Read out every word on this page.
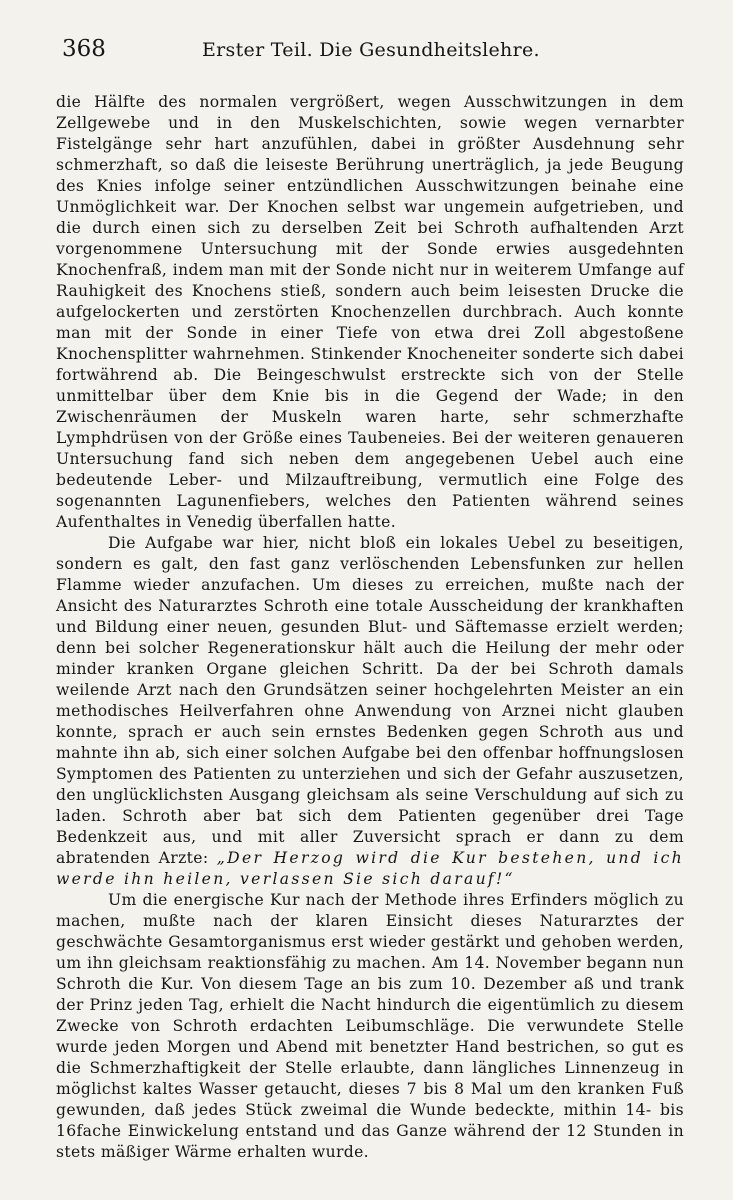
368	Erster Teil. Die Gesundheitslehre.

die Hälfte des normalen vergrößert, wegen Ausschwitzungen in dem Zellgewebe und in den Muskelschichten, sowie wegen vernarbter Fistelgänge sehr hart anzufühlen, dabei in größter Ausdehnung sehr schmerzhaft, so daß die leiseste Berührung unerträglich, ja jede Beugung des Knies infolge seiner entzündlichen Ausschwitzungen beinahe eine Unmöglichkeit war. Der Knochen selbst war ungemein aufgetrieben, und die durch einen sich zu derselben Zeit bei Schroth aufhaltenden Arzt vorgenommene Untersuchung mit der Sonde erwies ausgedehnten Knochenfraß, indem man mit der Sonde nicht nur in weiterem Umfange auf Rauhigkeit des Knochens stieß, sondern auch beim leisesten Drucke die aufgelockerten und zerstörten Knochenzellen durchbrach. Auch konnte man mit der Sonde in einer Tiefe von etwa drei Zoll abgestoßene Knochensplitter wahrnehmen. Stinkender Knocheneiter sonderte sich dabei fortwährend ab. Die Beingeschwulst erstreckte sich von der Stelle unmittelbar über dem Knie bis in die Gegend der Wade; in den Zwischenräumen der Muskeln waren harte, sehr schmerzhafte Lymphdrüsen von der Größe eines Taubeneies. Bei der weiteren genaueren Untersuchung fand sich neben dem angegebenen Uebel auch eine bedeutende Leber- und Milzauftreibung, vermutlich eine Folge des sogenannten Lagunenfiebers, welches den Patienten während seines Aufenthaltes in Venedig überfallen hatte.

Die Aufgabe war hier, nicht bloß ein lokales Uebel zu beseitigen, sondern es galt, den fast ganz verlöschenden Lebensfunken zur hellen Flamme wieder anzufachen. Um dieses zu erreichen, mußte nach der Ansicht des Naturarztes Schroth eine totale Ausscheidung der krankhaften und Bildung einer neuen, gesunden Blut- und Säftemasse erzielt werden; denn bei solcher Regenerationskur hält auch die Heilung der mehr oder minder kranken Organe gleichen Schritt. Da der bei Schroth damals weilende Arzt nach den Grundsätzen seiner hochgelehrten Meister an ein methodisches Heilverfahren ohne Anwendung von Arznei nicht glauben konnte, sprach er auch sein ernstes Bedenken gegen Schroth aus und mahnte ihn ab, sich einer solchen Aufgabe bei den offenbar hoffnungslosen Symptomen des Patienten zu unterziehen und sich der Gefahr auszusetzen, den unglücklichsten Ausgang gleichsam als seine Verschuldung auf sich zu laden. Schroth aber bat sich dem Patienten gegenüber drei Tage Bedenkzeit aus, und mit aller Zuversicht sprach er dann zu dem abratenden Arzte: „Der Herzog wird die Kur bestehen, und ich werde ihn heilen, verlassen Sie sich darauf!“

Um die energische Kur nach der Methode ihres Erfinders möglich zu machen, mußte nach der klaren Einsicht dieses Naturarztes der geschwächte Gesamtorganismus erst wieder gestärkt und gehoben werden, um ihn gleichsam reaktionsfähig zu machen. Am 14. November begann nun Schroth die Kur. Von diesem Tage an bis zum 10. Dezember aß und trank der Prinz jeden Tag, erhielt die Nacht hindurch die eigentümlich zu diesem Zwecke von Schroth erdachten Leibumschläge. Die verwundete Stelle wurde jeden Morgen und Abend mit benetzter Hand bestrichen, so gut es die Schmerzhaftigkeit der Stelle erlaubte, dann längliches Linnenzeug in möglichst kaltes Wasser getaucht, dieses 7 bis 8 Mal um den kranken Fuß gewunden, daß jedes Stück zweimal die Wunde bedeckte, mithin 14- bis 16fache Einwickelung entstand und das Ganze während der 12 Stunden in stets mäßiger Wärme erhalten wurde.
